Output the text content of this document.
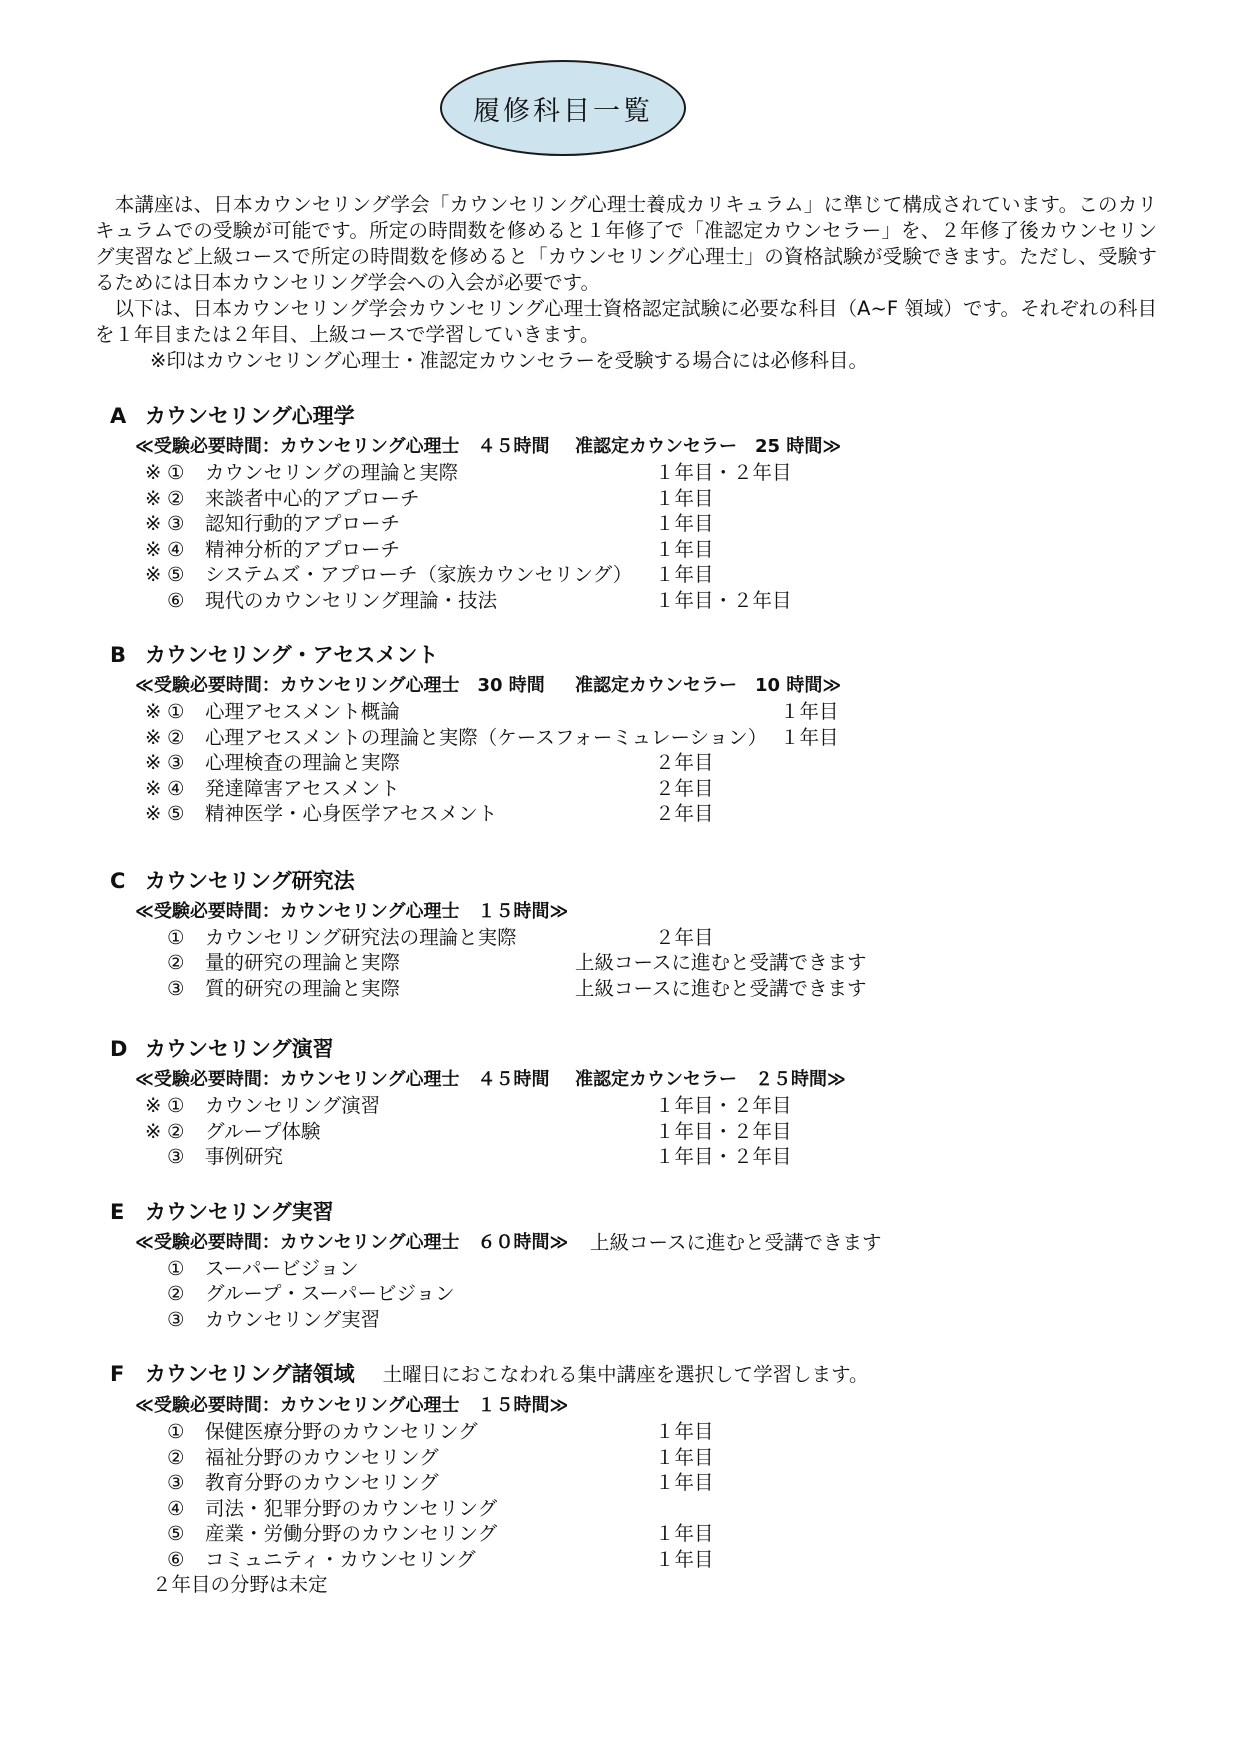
履修科目一覧

　本講座は、日本カウンセリング学会「カウンセリング心理士養成カリキュラム」に準じて構成されています。このカリキュラムでの受験が可能です。所定の時間数を修めると１年修了で「准認定カウンセラー」を、２年修了後カウンセリング実習など上級コースで所定の時間数を修めると「カウンセリング心理士」の資格試験が受験できます。ただし、受験するためには日本カウンセリング学会への入会が必要です。

　以下は、日本カウンセリング学会カウンセリング心理士資格認定試験に必要な科目（A~F 領域）です。それぞれの科目を１年目または２年目、上級コースで学習していきます。

※印はカウンセリング心理士・准認定カウンセラーを受験する場合には必修科目。

A カウンセリング心理学
≪受験必要時間：カウンセリング心理士　４５時間 准認定カウンセラー　25 時間≫
※ ① カウンセリングの理論と実際	１年目・２年目
※ ② 来談者中心的アプローチ	１年目
※ ③ 認知行動的アプローチ	１年目
※ ④ 精神分析的アプローチ	１年目
※ ⑤ システムズ・アプローチ（家族カウンセリング） １年目
⑥ 現代のカウンセリング理論・技法	１年目・２年目
B カウンセリング・アセスメント
≪受験必要時間：カウンセリング心理士　30 時間 准認定カウンセラー　10 時間≫
※ ① 心理アセスメント概論	１年目
※ ② 心理アセスメントの理論と実際（ケースフォーミュレーション） １年目
※ ③ 心理検査の理論と実際	２年目
※ ④ 発達障害アセスメント	２年目
※ ⑤ 精神医学・心身医学アセスメント	２年目
C カウンセリング研究法
≪受験必要時間：カウンセリング心理士　１５時間≫
① カウンセリング研究法の理論と実際	２年目
② 量的研究の理論と実際	上級コースに進むと受講できます
③ 質的研究の理論と実際	上級コースに進むと受講できます
D カウンセリング演習
≪受験必要時間：カウンセリング心理士　４５時間 准認定カウンセラー　２５時間≫
※ ① カウンセリング演習	１年目・２年目
※ ② グループ体験	１年目・２年目
③ 事例研究	１年目・２年目
E カウンセリング実習
≪受験必要時間：カウンセリング心理士　６０時間≫ 上級コースに進むと受講できます
① スーパービジョン
② グループ・スーパービジョン
③ カウンセリング実習
F カウンセリング諸領域 土曜日におこなわれる集中講座を選択して学習します。
≪受験必要時間：カウンセリング心理士　１５時間≫
① 保健医療分野のカウンセリング	１年目
② 福祉分野のカウンセリング	１年目
③ 教育分野のカウンセリング	１年目
④ 司法・犯罪分野のカウンセリング
⑤ 産業・労働分野のカウンセリング	１年目
⑥ コミュニティ・カウンセリング	１年目
２年目の分野は未定
